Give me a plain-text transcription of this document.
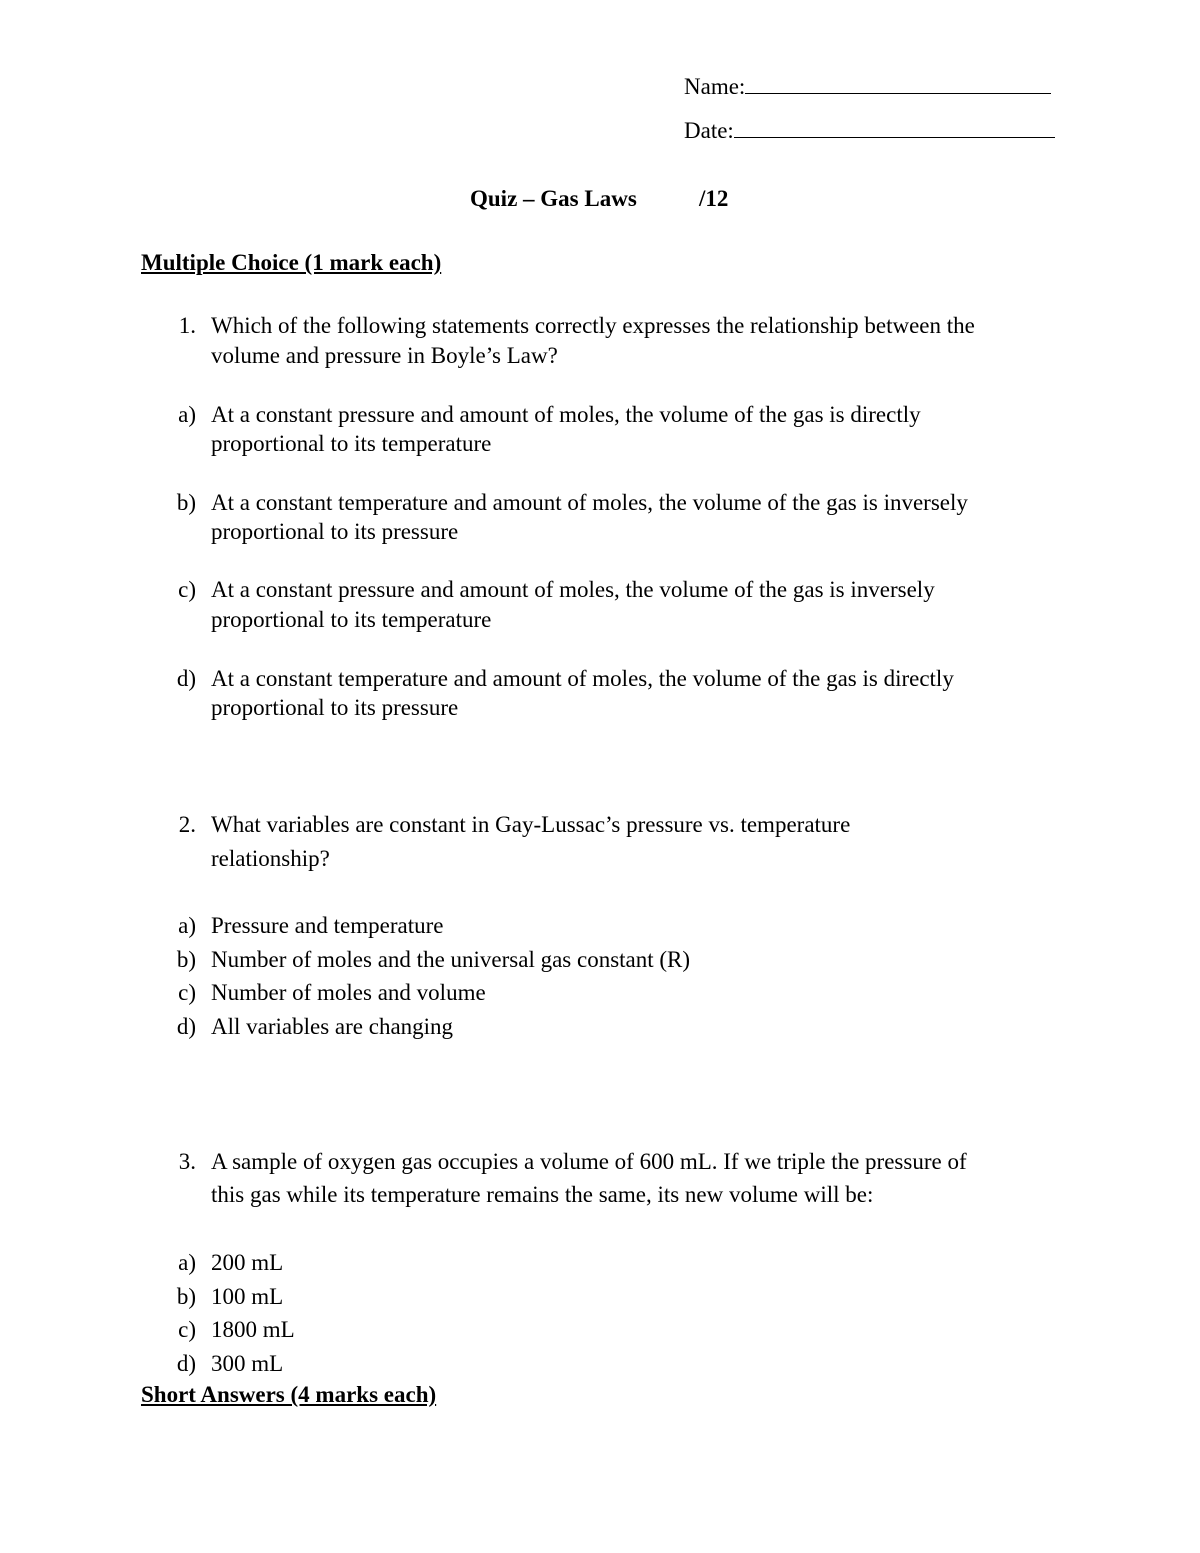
Name:
Date:
Quiz – Gas Laws	/12
Multiple Choice (1 mark each)
1. Which of the following statements correctly expresses the relationship between the
volume and pressure in Boyle’s Law?
a) At a constant pressure and amount of moles, the volume of the gas is directly
proportional to its temperature
b) At a constant temperature and amount of moles, the volume of the gas is inversely
proportional to its pressure
c) At a constant pressure and amount of moles, the volume of the gas is inversely
proportional to its temperature
d) At a constant temperature and amount of moles, the volume of the gas is directly
proportional to its pressure
2. What variables are constant in Gay-Lussac’s pressure vs. temperature
relationship?
a) Pressure and temperature
b) Number of moles and the universal gas constant (R)
c) Number of moles and volume
d) All variables are changing
3. A sample of oxygen gas occupies a volume of 600 mL. If we triple the pressure of
this gas while its temperature remains the same, its new volume will be:
a) 200 mL
b) 100 mL
c) 1800 mL
d) 300 mL
Short Answers (4 marks each)
